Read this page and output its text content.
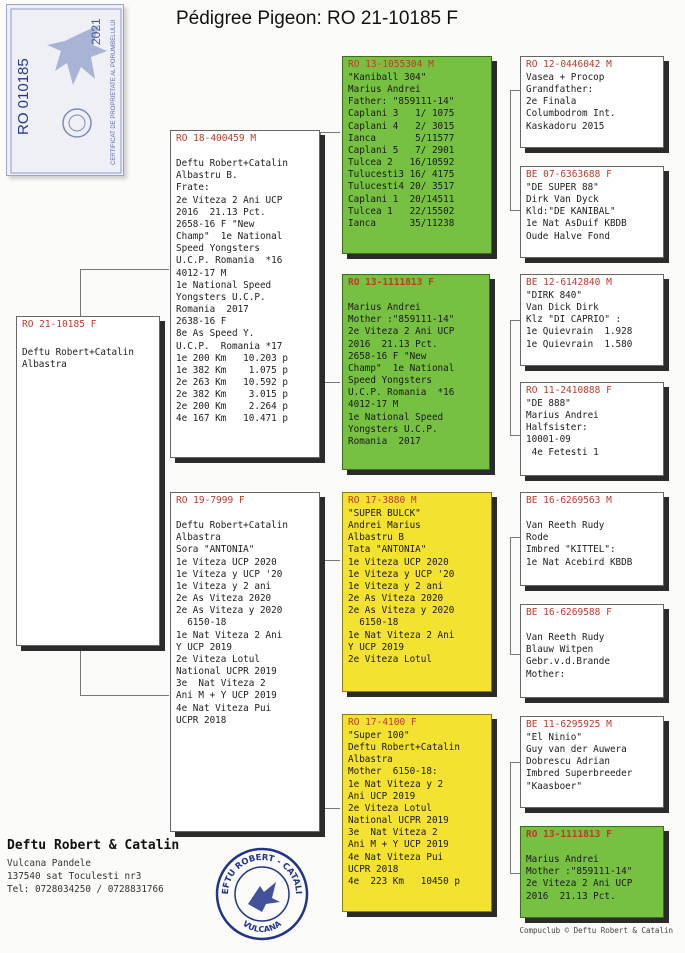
Pédigree Pigeon: RO 21-10185 F
RO 010185	CERTIFICAT DE PROPRIETATE AL PORUMBELULUI
2021
RO 21-10185 F
Deftu Robert+Catalin
Albastra
RO 18-400459 M

Deftu Robert+Catalin
Albastru B.
Frate:
2e Viteza 2 Ani UCP
2016  21.13 Pct.
2658-16 F "New
Champ"  1e National
Speed Yongsters
U.C.P. Romania  *16
4012-17 M
1e National Speed
Yongsters U.C.P.
Romania  2017
2638-16 F
8e As Speed Y.
U.C.P.  Romania *17
1e 200 Km   10.203 p
1e 382 Km    1.075 p
2e 263 Km   10.592 p
2e 382 Km    3.015 p
2e 200 Km    2.264 p
4e 167 Km   10.471 p
RO 19-7999 F

Deftu Robert+Catalin
Albastra
Sora "ANTONIA"
1e Viteza UCP 2020
1e Viteza y UCP '20
1e Viteza y 2 ani
2e As Viteza 2020
2e As Viteza y 2020
6150-18
1e Nat Viteza 2 Ani
Y UCP 2019
2e Viteza Lotul
National UCPR 2019
3e  Nat Viteza 2
Ani M + Y UCP 2019
4e Nat Viteza Pui
UCPR 2018
RO 13-1055304 M
"Kaniball 304"
Marius Andrei
Father: "859111-14"
Caplani 3   1/ 1075
Caplani 4   2/ 3015
Ianca       5/11577
Caplani 5   7/ 2901
Tulcea 2   16/10592
Tulucesti3 16/ 4175
Tulucesti4 20/ 3517
Caplani 1  20/14511
Tulcea 1   22/15502
Ianca      35/11238
RO 13-1111813 F

Marius Andrei
Mother :"859111-14"
2e Viteza 2 Ani UCP
2016  21.13 Pct.
2658-16 F "New
Champ"  1e National
Speed Yongsters
U.C.P. Romania  *16
4012-17 M
1e National Speed
Yongsters U.C.P.
Romania  2017
RO 17-3880 M
"SUPER BULCK"
Andrei Marius
Albastru B
Tata "ANTONIA"
1e Viteza UCP 2020
1e Viteza y UCP '20
1e Viteza y 2 ani
2e As Viteza 2020
2e As Viteza y 2020
6150-18
1e Nat Viteza 2 Ani
Y UCP 2019
2e Viteza Lotul
RO 17-4100 F
"Super 100"
Deftu Robert+Catalin
Albastra
Mother  6150-18:
1e Nat Viteza y 2
Ani UCP 2019
2e Viteza Lotul
National UCPR 2019
3e  Nat Viteza 2
Ani M + Y UCP 2019
4e Nat Viteza Pui
UCPR 2018
4e  223 Km   10450 p
RO 12-0446042 M
Vasea + Procop
Grandfather:
2e Finala
Columbodrom Int.
Kaskadoru 2015
BE 07-6363688 F
"DE SUPER 88"
Dirk Van Dyck
Kld:"DE KANIBAL"
1e Nat AsDuif KBDB
Oude Halve Fond
BE 12-6142840 M
"DIRK 840"
Van Dick Dirk
Klz "DI CAPRIO" :
1e Quievrain  1.928
1e Quievrain  1.580
RO 11-2410888 F
"DE 888"
Marius Andrei
Halfsister:
10001-09
4e Fetesti 1
BE 16-6269563 M

Van Reeth Rudy
Rode
Imbred "KITTEL":
1e Nat Acebird KBDB
BE 16-6269588 F

Van Reeth Rudy
Blauw Witpen
Gebr.v.d.Brande
Mother:
BE 11-6295925 M
"El Ninio"
Guy van der Auwera
Dobrescu Adrian
Imbred Superbreeder
"Kaasboer"
RO 13-1111813 F

Marius Andrei
Mother :"859111-14"
2e Viteza 2 Ani UCP
2016  21.13 Pct.
Deftu Robert & Catalin
Vulcana Pandele
137540 sat Toculesti nr3
Tel: 0728034250 / 0728831766	EFTU ROBERT - CATALI
VULCANA
Compuclub © Deftu Robert & Catalin
